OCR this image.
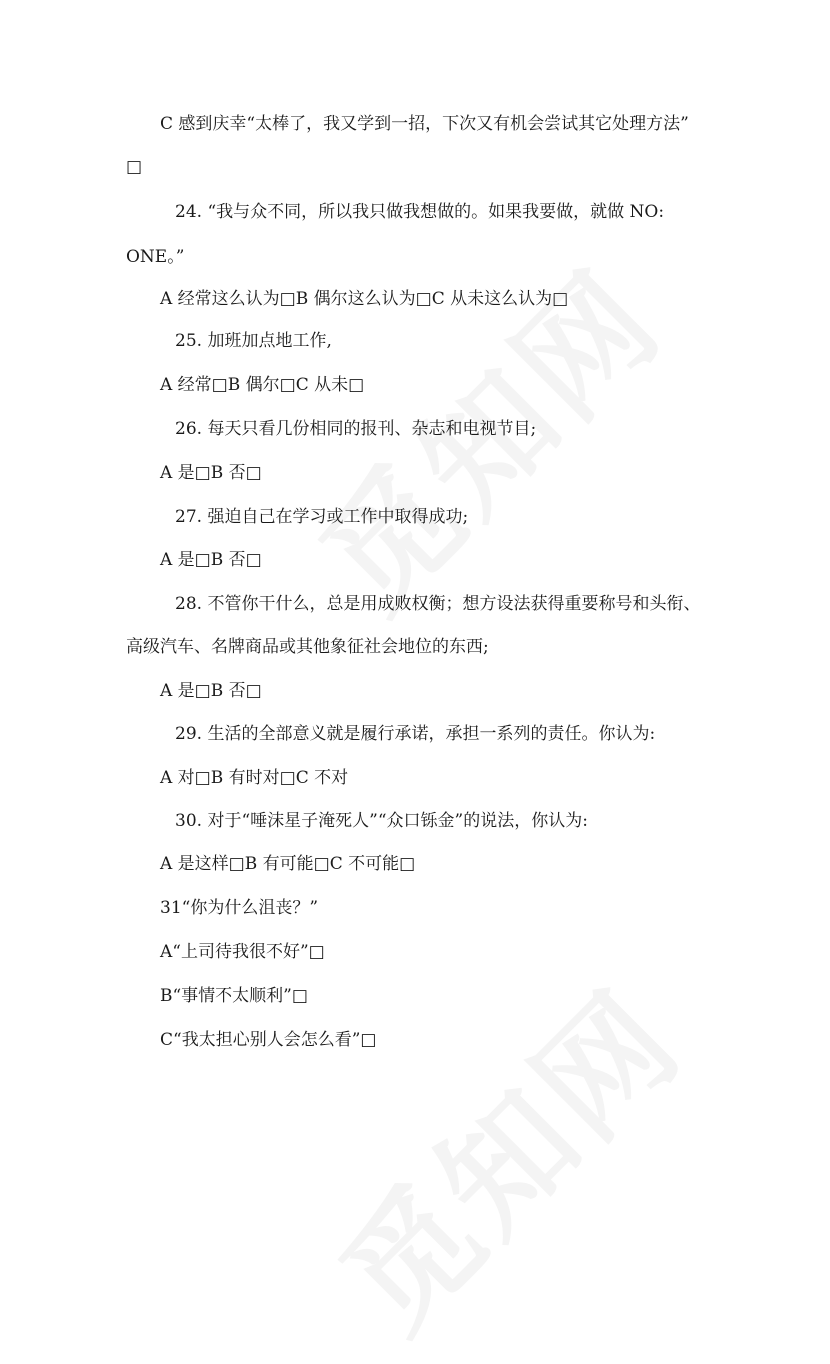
C 感到庆幸“太棒了，我又学到一招，下次又有机会尝试其它处理方法”
□
24. “我与众不同，所以我只做我想做的。如果我要做，就做 NO:
ONE。”
A 经常这么认为□B 偶尔这么认为□C 从未这么认为□
25. 加班加点地工作,
A 经常□B 偶尔□C 从未□
26. 每天只看几份相同的报刊、杂志和电视节目;
A 是□B 否□
27. 强迫自己在学习或工作中取得成功;
A 是□B 否□
28. 不管你干什么，总是用成败权衡；想方设法获得重要称号和头衔、
高级汽车、名牌商品或其他象征社会地位的东西;
A 是□B 否□
29. 生活的全部意义就是履行承诺，承担一系列的责任。你认为:
A 对□B 有时对□C 不对
30. 对于“唾沫星子淹死人”“众口铄金”的说法，你认为:
A 是这样□B 有可能□C 不可能□
31“你为什么沮丧？”
A“上司待我很不好”□
B“事情不太顺利”□
C“我太担心别人会怎么看”□
